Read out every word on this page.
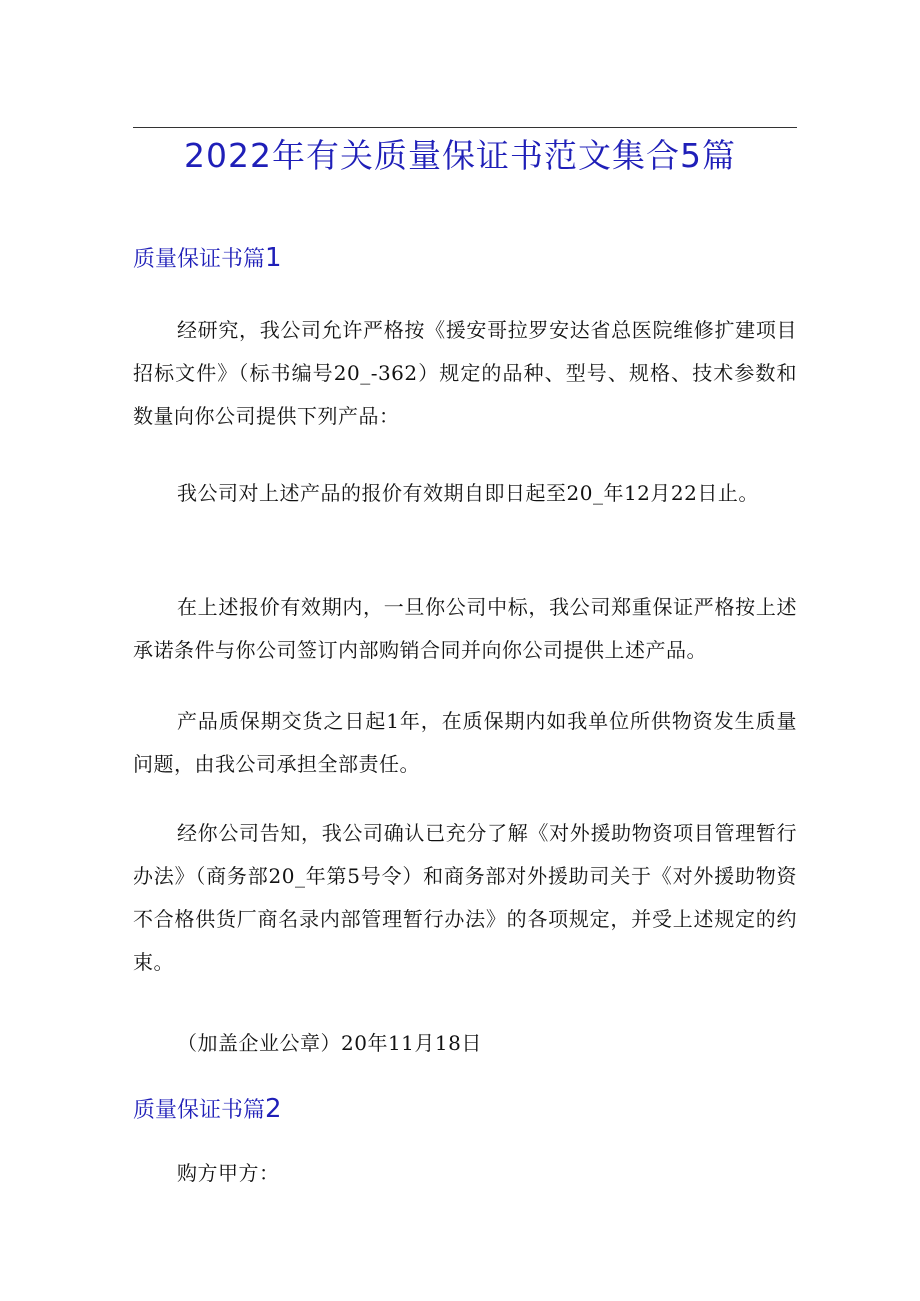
2022年有关质量保证书范文集合5篇
质量保证书篇1

经研究，我公司允许严格按《援安哥拉罗安达省总医院维修扩建项目招标文件》（标书编号20_-362）规定的品种、型号、规格、技术参数和数量向你公司提供下列产品：

我公司对上述产品的报价有效期自即日起至20_年12月22日止。

在上述报价有效期内，一旦你公司中标，我公司郑重保证严格按上述承诺条件与你公司签订内部购销合同并向你公司提供上述产品。

产品质保期交货之日起1年，在质保期内如我单位所供物资发生质量问题，由我公司承担全部责任。

经你公司告知，我公司确认已充分了解《对外援助物资项目管理暂行办法》（商务部20_年第5号令）和商务部对外援助司关于《对外援助物资不合格供货厂商名录内部管理暂行办法》的各项规定，并受上述规定的约束。

（加盖企业公章）20年11月18日

质量保证书篇2

购方甲方：
